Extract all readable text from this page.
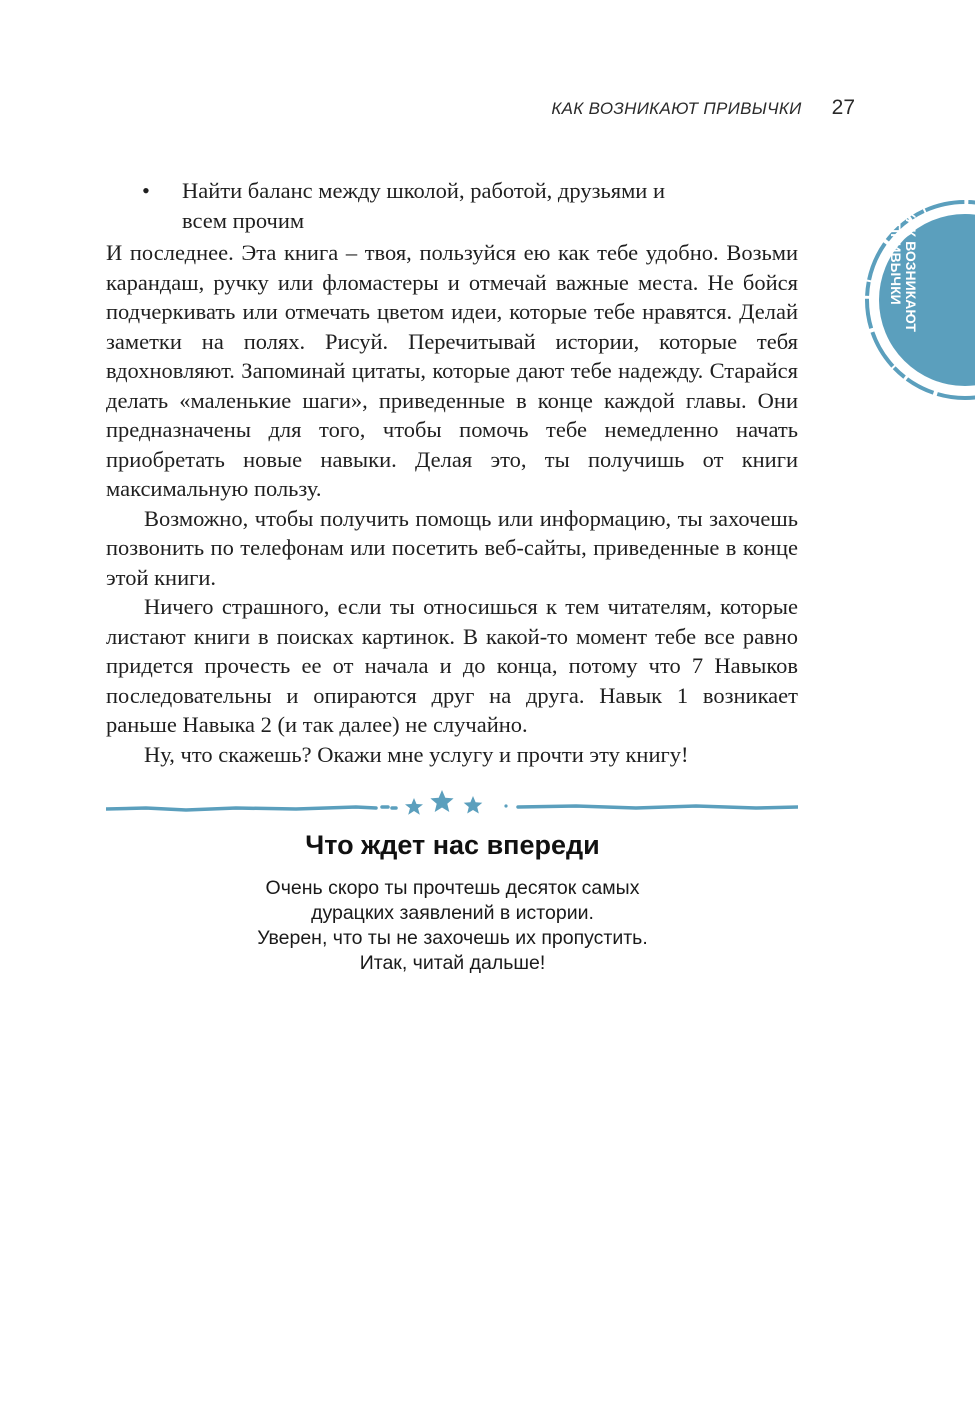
КАК ВОЗНИКАЮТ ПРИВЫЧКИ 27
КАК ВОЗНИКАЮТ
ПРИВЫЧКИ
•	Найти баланс между школой, работой, друзьями и всем прочим

И последнее. Эта книга – твоя, пользуйся ею как тебе удобно. Возьми карандаш, ручку или фломастеры и отмечай важные места. Не бойся подчеркивать или отмечать цветом идеи, которые тебе нравятся. Делай заметки на полях. Рисуй. Перечитывай истории, которые тебя вдохновляют. Запоминай цитаты, которые дают тебе надежду. Старайся делать «маленькие шаги», приведенные в конце каждой главы. Они предназначены для того, чтобы помочь тебе немедленно начать приобретать новые навыки. Делая это, ты получишь от книги максимальную пользу.

Возможно, чтобы получить помощь или информацию, ты захочешь позвонить по телефонам или посетить веб-сайты, приведенные в конце этой книги.

Ничего страшного, если ты относишься к тем читателям, которые листают книги в поисках картинок. В какой-то момент тебе все равно придется прочесть ее от начала и до конца, потому что 7 Навыков последовательны и опираются друг на друга. Навык 1 возникает раньше Навыка 2 (и так далее) не случайно.

Ну, что скажешь? Окажи мне услугу и прочти эту книгу!

Что ждет нас впереди
Очень скоро ты прочтешь десяток самых
дурацких заявлений в истории.
Уверен, что ты не захочешь их пропустить.
Итак, читай дальше!
